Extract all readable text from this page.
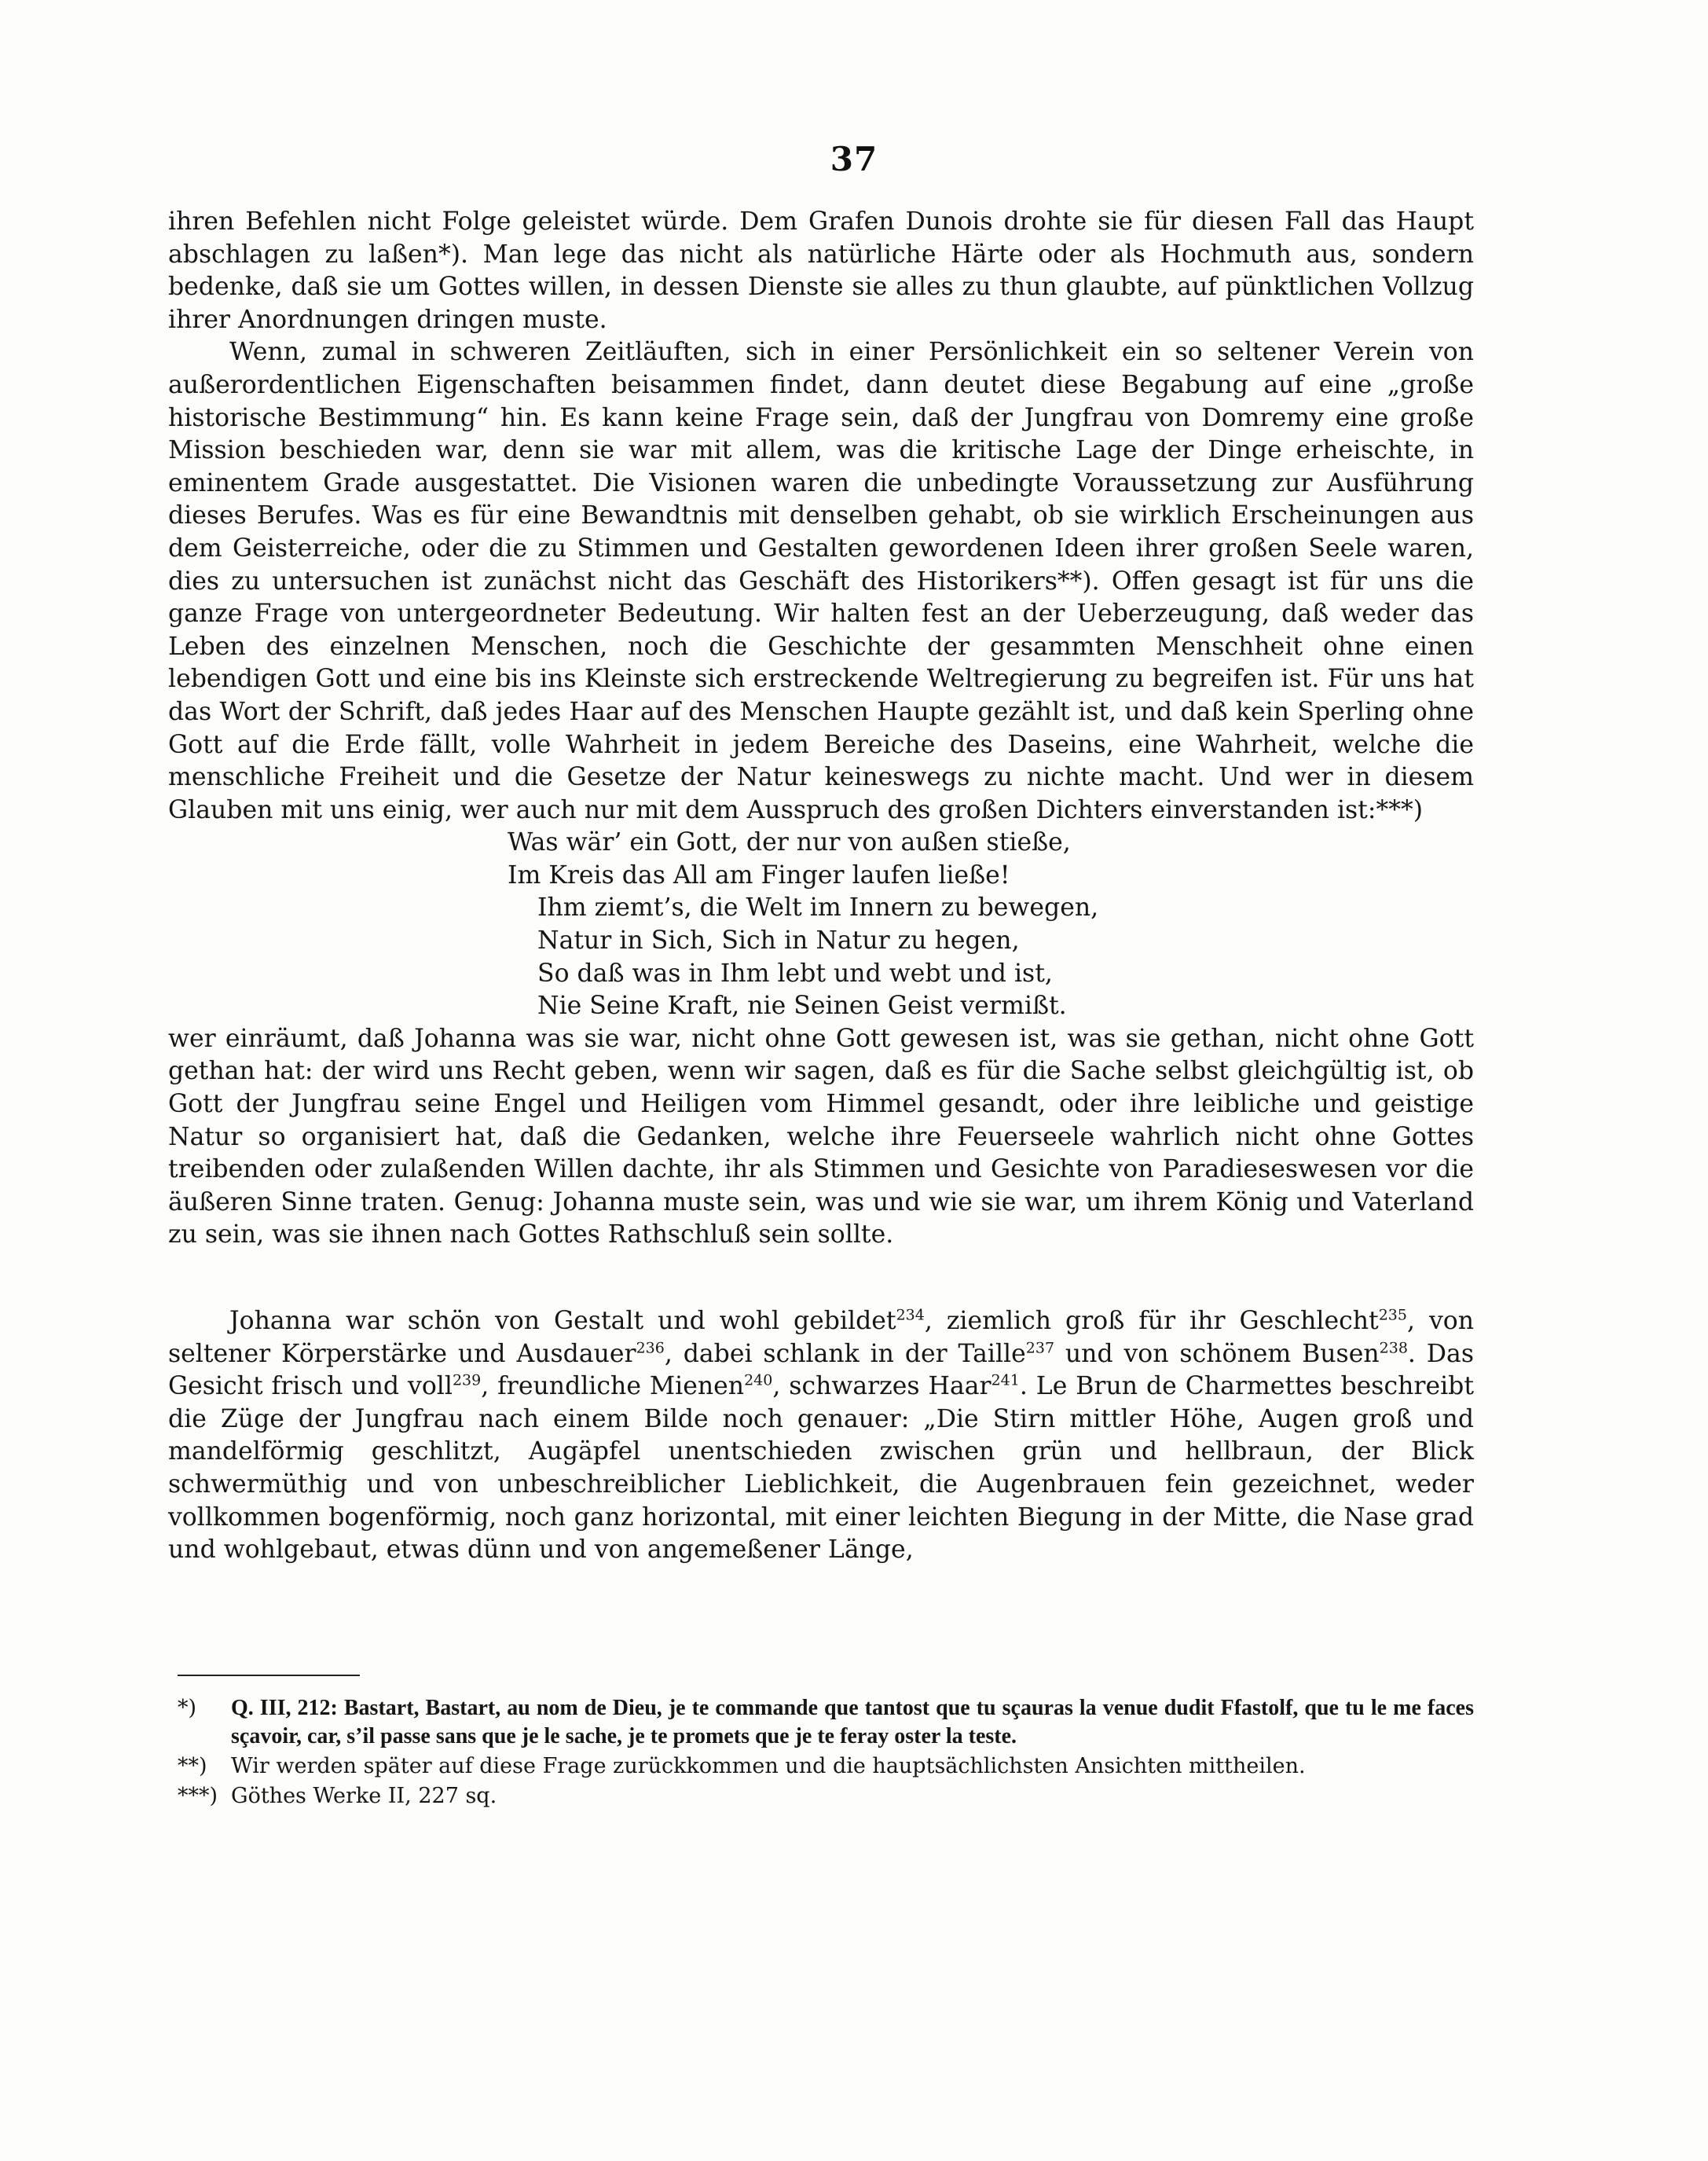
37

ihren Befehlen nicht Folge geleistet würde. Dem Grafen Dunois drohte sie für diesen Fall das Haupt abschlagen zu laßen*). Man lege das nicht als natürliche Härte oder als Hochmuth aus, sondern bedenke, daß sie um Gottes willen, in dessen Dienste sie alles zu thun glaubte, auf pünktlichen Vollzug ihrer Anordnungen dringen muste.

Wenn, zumal in schweren Zeitläuften, sich in einer Persönlichkeit ein so seltener Verein von außerordentlichen Eigenschaften beisammen findet, dann deutet diese Begabung auf eine „große historische Bestimmung“ hin. Es kann keine Frage sein, daß der Jungfrau von Domremy eine große Mission beschieden war, denn sie war mit allem, was die kritische Lage der Dinge erheischte, in eminentem Grade ausgestattet. Die Visionen waren die unbedingte Voraussetzung zur Ausführung dieses Berufes. Was es für eine Bewandtnis mit denselben gehabt, ob sie wirklich Erscheinungen aus dem Geisterreiche, oder die zu Stimmen und Gestalten gewordenen Ideen ihrer großen Seele waren, dies zu untersuchen ist zunächst nicht das Geschäft des Historikers**). Offen gesagt ist für uns die ganze Frage von untergeordneter Bedeutung. Wir halten fest an der Ueberzeugung, daß weder das Leben des einzelnen Menschen, noch die Geschichte der gesammten Menschheit ohne einen lebendigen Gott und eine bis ins Kleinste sich erstreckende Weltregierung zu begreifen ist. Für uns hat das Wort der Schrift, daß jedes Haar auf des Menschen Haupte gezählt ist, und daß kein Sperling ohne Gott auf die Erde fällt, volle Wahrheit in jedem Bereiche des Daseins, eine Wahrheit, welche die menschliche Freiheit und die Gesetze der Natur keineswegs zu nichte macht. Und wer in diesem Glauben mit uns einig, wer auch nur mit dem Ausspruch des großen Dichters einverstanden ist:***)

Was wär’ ein Gott, der nur von außen stieße,
Im Kreis das All am Finger laufen ließe!
Ihm ziemt’s, die Welt im Innern zu bewegen,
Natur in Sich, Sich in Natur zu hegen,
So daß was in Ihm lebt und webt und ist,
Nie Seine Kraft, nie Seinen Geist vermißt.

wer einräumt, daß Johanna was sie war, nicht ohne Gott gewesen ist, was sie gethan, nicht ohne Gott gethan hat: der wird uns Recht geben, wenn wir sagen, daß es für die Sache selbst gleichgültig ist, ob Gott der Jungfrau seine Engel und Heiligen vom Himmel gesandt, oder ihre leibliche und geistige Natur so organisiert hat, daß die Gedanken, welche ihre Feuerseele wahrlich nicht ohne Gottes treibenden oder zulaßenden Willen dachte, ihr als Stimmen und Gesichte von Paradieseswesen vor die äußeren Sinne traten. Genug: Johanna muste sein, was und wie sie war, um ihrem König und Vaterland zu sein, was sie ihnen nach Gottes Rathschluß sein sollte.

Johanna war schön von Gestalt und wohl gebildet$^{234}$, ziemlich groß für ihr Geschlecht$^{235}$, von seltener Körperstärke und Ausdauer$^{236}$, dabei schlank in der Taille$^{237}$ und von schönem Busen$^{238}$. Das Gesicht frisch und voll$^{239}$, freundliche Mienen$^{240}$, schwarzes Haar$^{241}$. Le Brun de Charmettes beschreibt die Züge der Jungfrau nach einem Bilde noch genauer: „Die Stirn mittler Höhe, Augen groß und mandelförmig geschlitzt, Augäpfel unentschieden zwischen grün und hellbraun, der Blick schwermüthig und von unbeschreiblicher Lieblichkeit, die Augenbrauen fein gezeichnet, weder vollkommen bogenförmig, noch ganz horizontal, mit einer leichten Biegung in der Mitte, die Nase grad und wohlgebaut, etwas dünn und von angemeßener Länge,

*)	Q. III, 212: Bastart, Bastart, au nom de Dieu, je te commande que tantost que tu sçauras la venue dudit Ffastolf, que tu le me faces sçavoir, car, s’il passe sans que je le sache, je te promets que je te feray oster la teste.
**)	Wir werden später auf diese Frage zurückkommen und die hauptsächlichsten Ansichten mittheilen.
***) Göthes Werke II, 227 sq.
